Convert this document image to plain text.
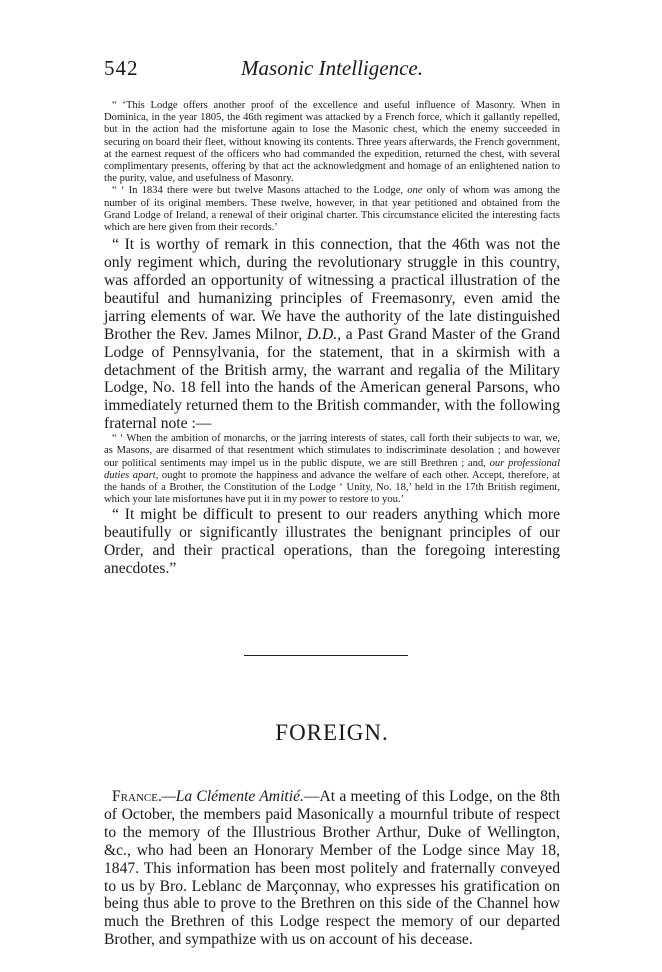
542	Masonic Intelligence.

“ ‘This Lodge offers another proof of the excellence and useful influence of Masonry. When in Dominica, in the year 1805, the 46th regiment was attacked by a French force, which it gallantly repelled, but in the action had the misfortune again to lose the Masonic chest, which the enemy succeeded in securing on board their fleet, without knowing its contents. Three years afterwards, the French government, at the earnest request of the officers who had commanded the expedition, returned the chest, with several complimentary presents, offering by that act the acknowledgment and homage of an enlightened nation to the purity, value, and usefulness of Masonry.

“ ‘ In 1834 there were but twelve Masons attached to the Lodge, one only of whom was among the number of its original members. These twelve, however, in that year petitioned and obtained from the Grand Lodge of Ireland, a renewal of their original charter. This circumstance elicited the interesting facts which are here given from their records.’

“ It is worthy of remark in this connection, that the 46th was not the only regiment which, during the revolutionary struggle in this country, was afforded an opportunity of witnessing a practical illustration of the beautiful and humanizing principles of Freemasonry, even amid the jarring elements of war. We have the authority of the late distinguished Brother the Rev. James Milnor, D.D., a Past Grand Master of the Grand Lodge of Pennsylvania, for the statement, that in a skirmish with a detachment of the British army, the warrant and regalia of the Military Lodge, No. 18 fell into the hands of the American general Parsons, who immediately returned them to the British commander, with the following fraternal note :—

“ ‘ When the ambition of monarchs, or the jarring interests of states, call forth their subjects to war, we, as Masons, are disarmed of that resentment which stimulates to indiscriminate desolation ; and however our political sentiments may impel us in the public dispute, we are still Brethren ; and, our professional duties apart, ought to promote the happiness and advance the welfare of each other. Accept, therefore, at the hands of a Brother, the Constitution of the Lodge ‘ Unity, No. 18,’ held in the 17th British regiment, which your late misfortunes have put it in my power to restore to you.’

“ It might be difficult to present to our readers anything which more beautifully or significantly illustrates the benignant principles of our Order, and their practical operations, than the foregoing interesting anecdotes.”

FOREIGN.

France.—La Clémente Amitié.—At a meeting of this Lodge, on the 8th of October, the members paid Masonically a mournful tribute of respect to the memory of the Illustrious Brother Arthur, Duke of Wellington, &c., who had been an Honorary Member of the Lodge since May 18, 1847. This information has been most politely and fraternally conveyed to us by Bro. Leblanc de Marçonnay, who expresses his gratification on being thus able to prove to the Brethren on this side of the Channel how much the Brethren of this Lodge respect the memory of our departed Brother, and sympathize with us on account of his decease.
